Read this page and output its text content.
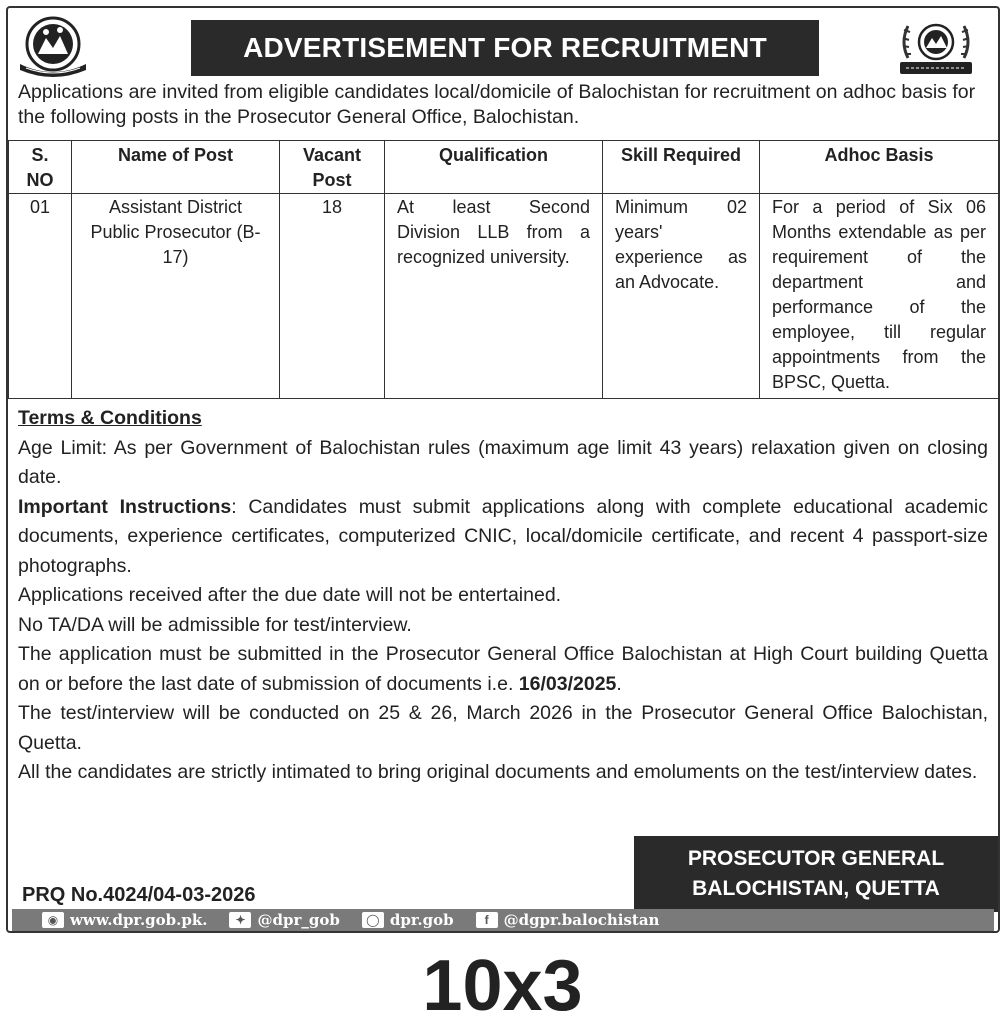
ADVERTISEMENT FOR RECRUITMENT

Applications are invited from eligible candidates local/domicile of Balochistan for recruitment on adhoc basis for the following posts in the Prosecutor General Office, Balochistan.

S. NO	Name of Post	Vacant Post	Qualification	Skill Required	Adhoc Basis
01	Assistant District Public Prosecutor (B-17)	18	At least Second Division LLB from a recognized university.	Minimum 02 years' experience as an Advocate.	For a period of Six 06 Months extendable as per requirement of the department and performance of the employee, till regular appointments from the BPSC, Quetta.

Terms & Conditions

Age Limit: As per Government of Balochistan rules (maximum age limit 43 years) relaxation given on closing date.

Important Instructions: Candidates must submit applications along with complete educational academic documents, experience certificates, computerized CNIC, local/domicile certificate, and recent 4 passport-size photographs.

Applications received after the due date will not be entertained.

No TA/DA will be admissible for test/interview.

The application must be submitted in the Prosecutor General Office Balochistan at High Court building Quetta on or before the last date of submission of documents i.e. 16/03/2025.

The test/interview will be conducted on 25 & 26, March 2026 in the Prosecutor General Office Balochistan, Quetta.

All the candidates are strictly intimated to bring original documents and emoluments on the test/interview dates.

PROSECUTOR GENERAL
BALOCHISTAN, QUETTA
PRQ No.4024/04-03-2026
◉ www.dpr.gob.pk.	✦ @dpr_gob	◯ dpr.gob	f	@dgpr.balochistan
10x3
